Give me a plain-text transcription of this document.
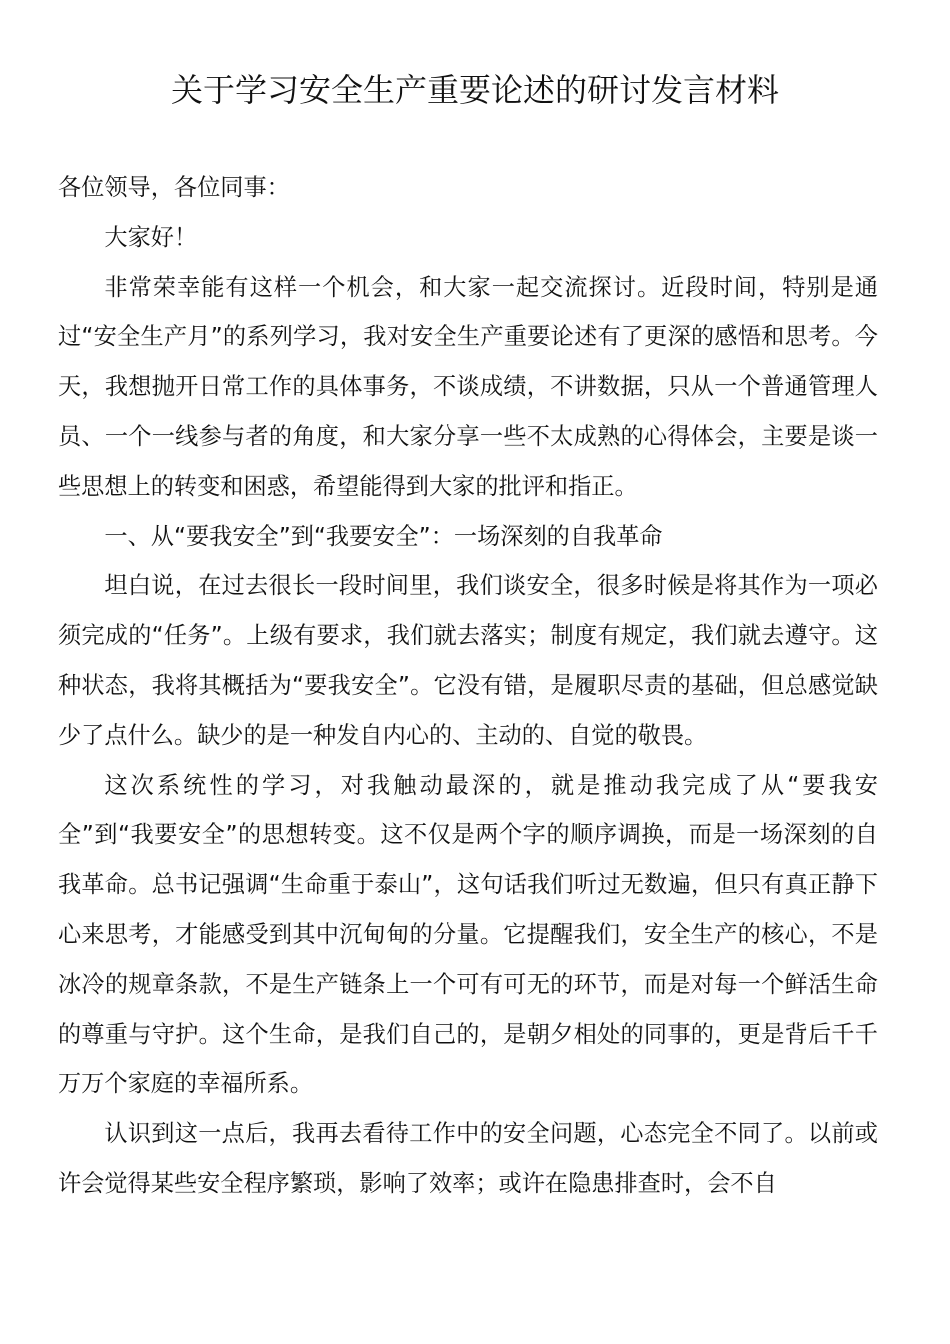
关于学习安全生产重要论述的研讨发言材料

各位领导，各位同事：

大家好！

非常荣幸能有这样一个机会，和大家一起交流探讨。近段时间，特别是通过“安全生产月”的系列学习，我对安全生产重要论述有了更深的感悟和思考。今天，我想抛开日常工作的具体事务，不谈成绩，不讲数据，只从一个普通管理人员、一个一线参与者的角度，和大家分享一些不太成熟的心得体会，主要是谈一些思想上的转变和困惑，希望能得到大家的批评和指正。

一、从“要我安全”到“我要安全”：一场深刻的自我革命

坦白说，在过去很长一段时间里，我们谈安全，很多时候是将其作为一项必须完成的“任务”。上级有要求，我们就去落实；制度有规定，我们就去遵守。这种状态，我将其概括为“要我安全”。它没有错，是履职尽责的基础，但总感觉缺少了点什么。缺少的是一种发自内心的、主动的、自觉的敬畏。

这次系统性的学习，对我触动最深的，就是推动我完成了从“要我安全”到“我要安全”的思想转变。这不仅是两个字的顺序调换，而是一场深刻的自我革命。总书记强调“生命重于泰山”，这句话我们听过无数遍，但只有真正静下心来思考，才能感受到其中沉甸甸的分量。它提醒我们，安全生产的核心，不是冰冷的规章条款，不是生产链条上一个可有可无的环节，而是对每一个鲜活生命的尊重与守护。这个生命，是我们自己的，是朝夕相处的同事的，更是背后千千万万个家庭的幸福所系。

认识到这一点后，我再去看待工作中的安全问题，心态完全不同了。以前或许会觉得某些安全程序繁琐，影响了效率；或许在隐患排查时，会不自
